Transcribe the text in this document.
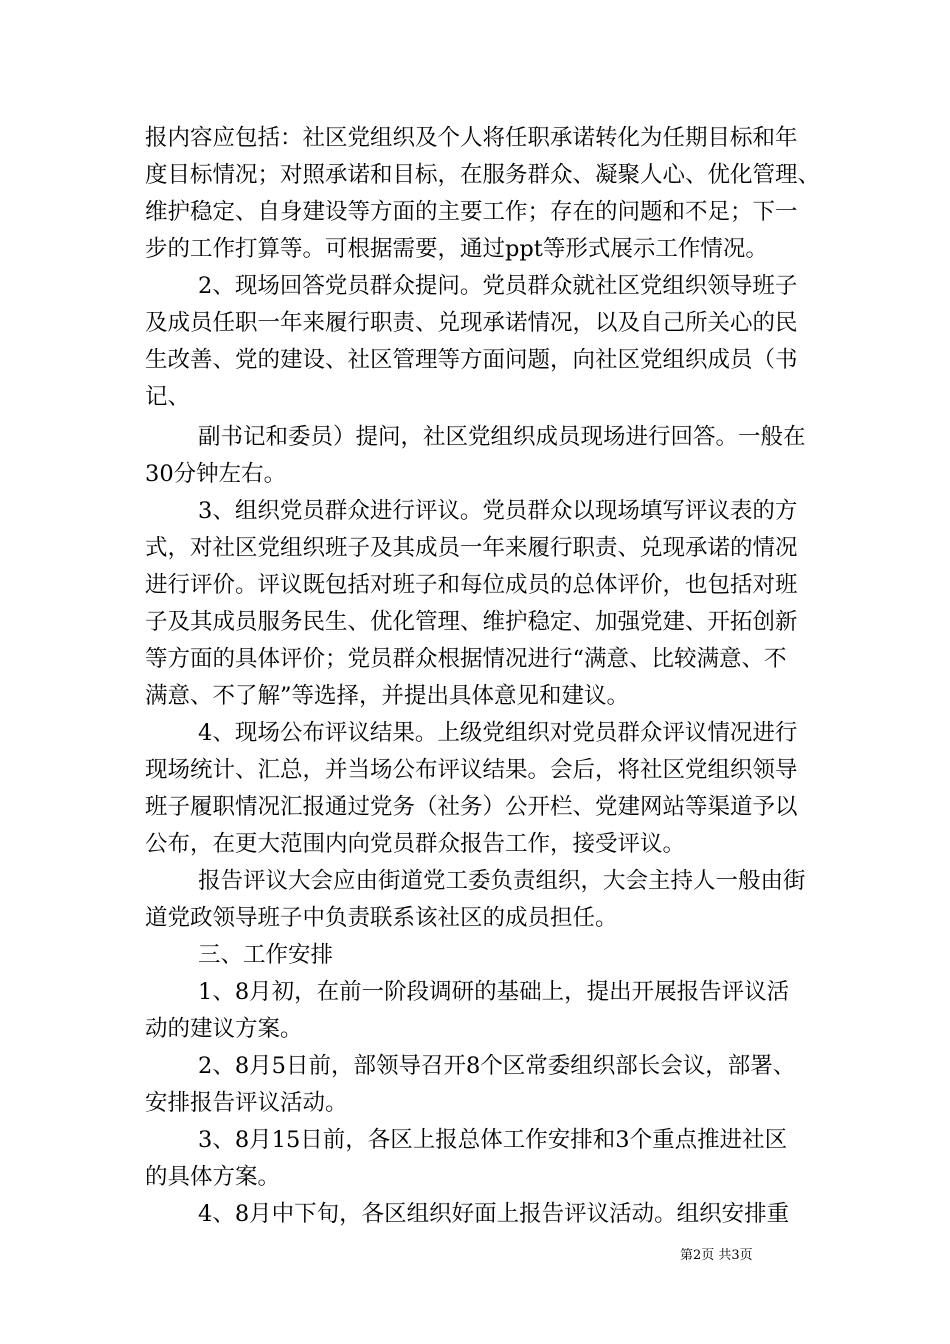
报内容应包括：社区党组织及个人将任职承诺转化为任期目标和年
度目标情况；对照承诺和目标，在服务群众、凝聚人心、优化管理、
维护稳定、自身建设等方面的主要工作；存在的问题和不足；下一
步的工作打算等。可根据需要，通过ppt等形式展示工作情况。
2、现场回答党员群众提问。党员群众就社区党组织领导班子
及成员任职一年来履行职责、兑现承诺情况，以及自己所关心的民
生改善、党的建设、社区管理等方面问题，向社区党组织成员（书
记、
副书记和委员）提问，社区党组织成员现场进行回答。一般在
30分钟左右。
3、组织党员群众进行评议。党员群众以现场填写评议表的方
式，对社区党组织班子及其成员一年来履行职责、兑现承诺的情况
进行评价。评议既包括对班子和每位成员的总体评价，也包括对班
子及其成员服务民生、优化管理、维护稳定、加强党建、开拓创新
等方面的具体评价；党员群众根据情况进行“满意、比较满意、不
满意、不了解”等选择，并提出具体意见和建议。
4、现场公布评议结果。上级党组织对党员群众评议情况进行
现场统计、汇总，并当场公布评议结果。会后，将社区党组织领导
班子履职情况汇报通过党务（社务）公开栏、党建网站等渠道予以
公布，在更大范围内向党员群众报告工作，接受评议。
报告评议大会应由街道党工委负责组织，大会主持人一般由街
道党政领导班子中负责联系该社区的成员担任。
三、工作安排
1、8月初，在前一阶段调研的基础上，提出开展报告评议活
动的建议方案。
2、8月5日前，部领导召开8个区常委组织部长会议，部署、
安排报告评议活动。
3、8月15日前，各区上报总体工作安排和3个重点推进社区
的具体方案。
4、8月中下旬，各区组织好面上报告评议活动。组织安排重
第2页 共3页
